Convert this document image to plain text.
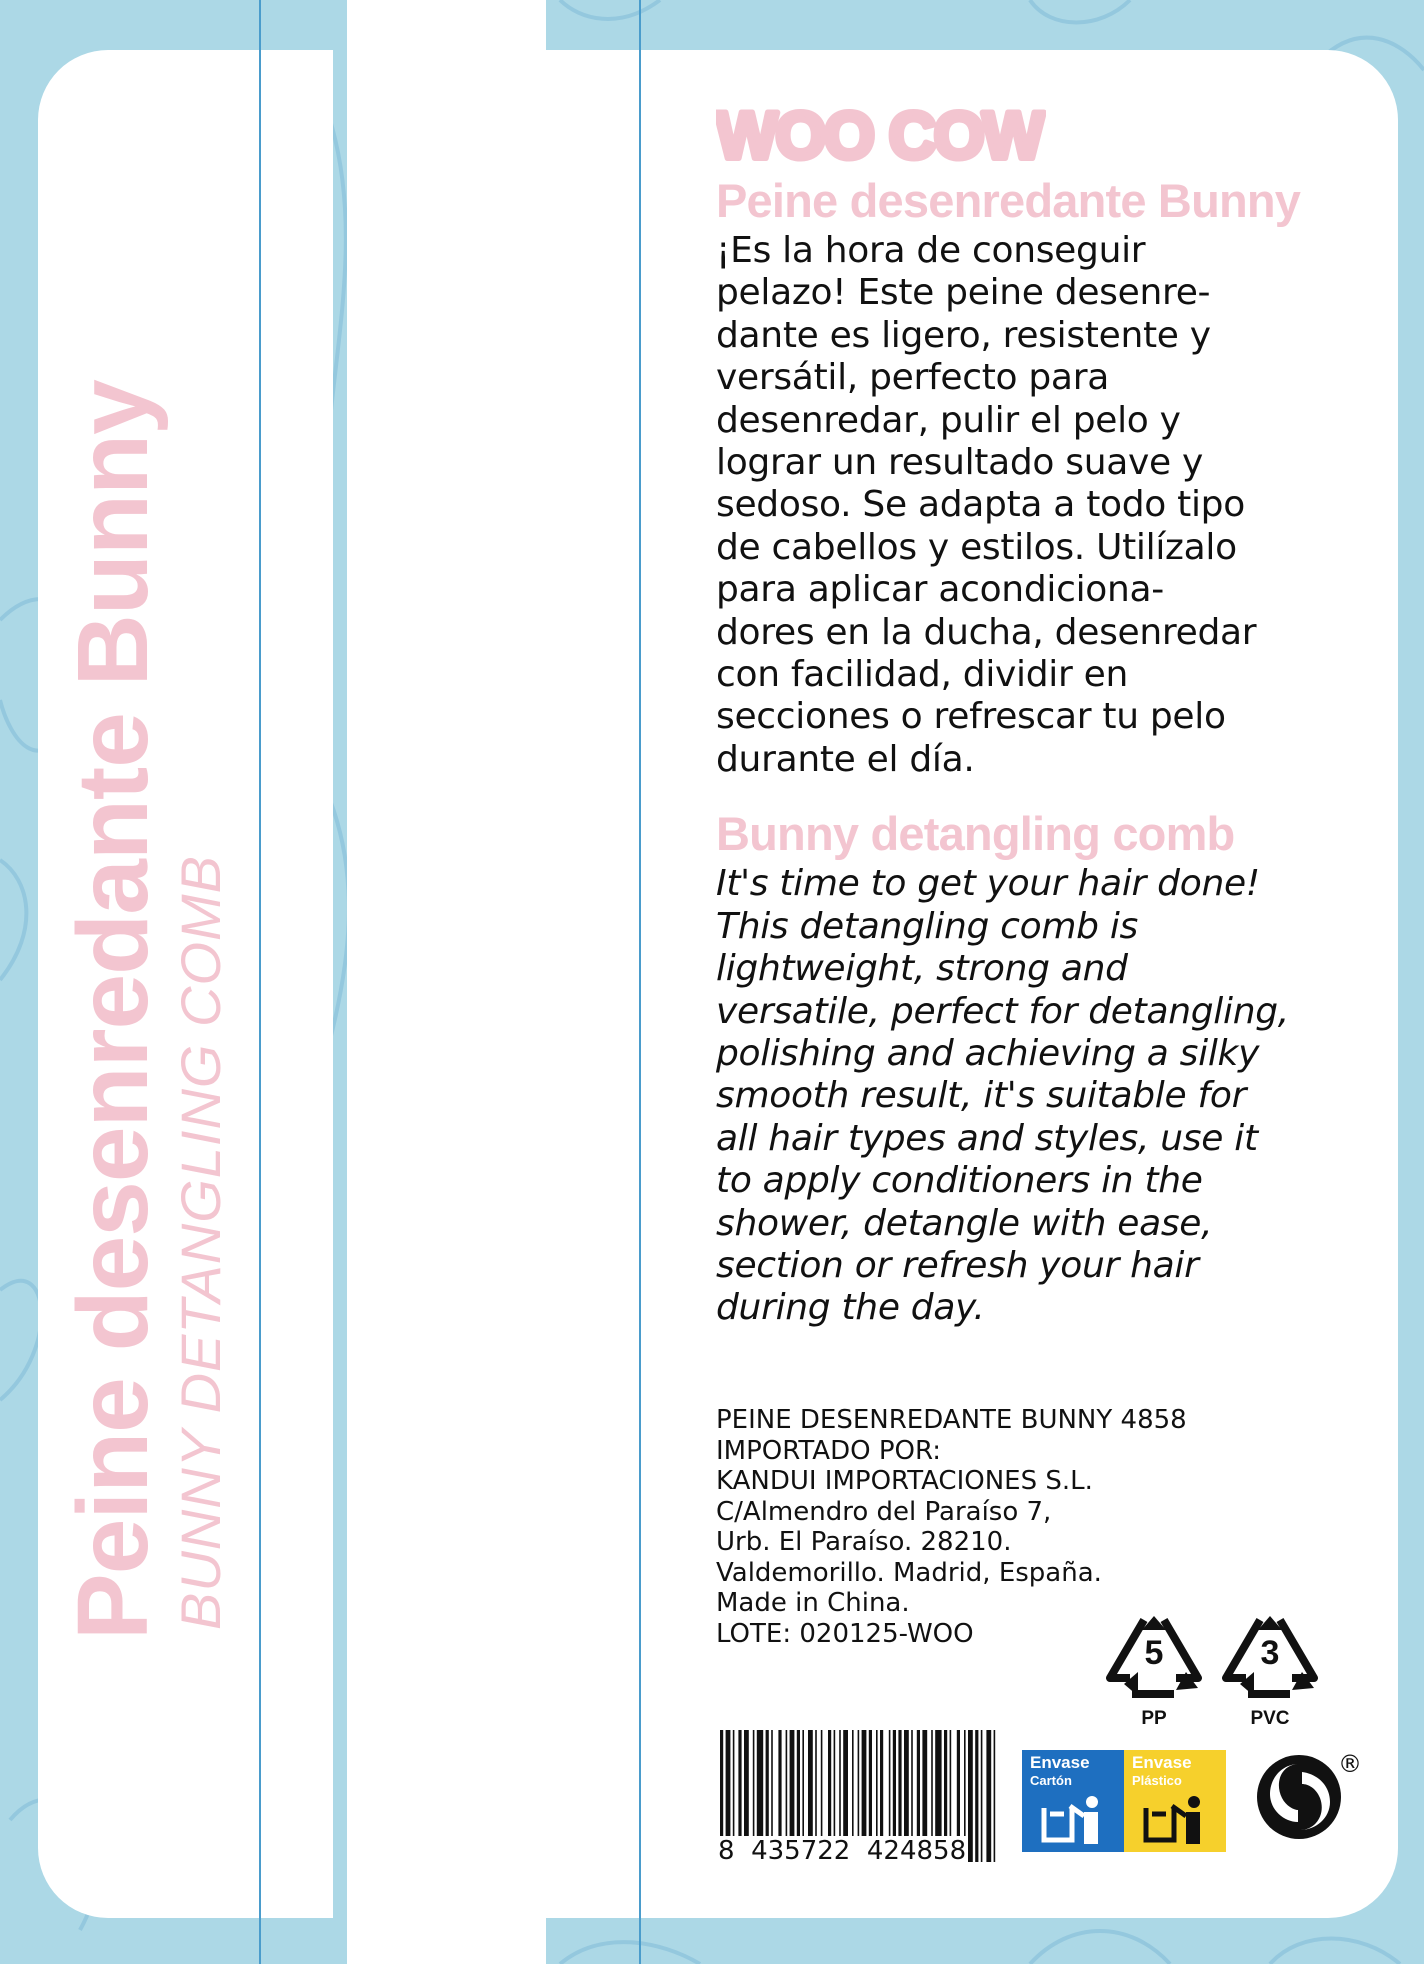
Peine desenredante Bunny BUNNY DETANGLING COMB
WOO COW
Peine desenredante Bunny

¡Es la hora de conseguir
pelazo! Este peine desenre-
dante es ligero, resistente y
versátil, perfecto para
desenredar, pulir el pelo y
lograr un resultado suave y
sedoso. Se adapta a todo tipo
de cabellos y estilos. Utilízalo
para aplicar acondiciona-
dores en la ducha, desenredar
con facilidad, dividir en
secciones o refrescar tu pelo
durante el día.

Bunny detangling comb

It's time to get your hair done!
This detangling comb is
lightweight, strong and
versatile, perfect for detangling,
polishing and achieving a silky
smooth result, it's suitable for
all hair types and styles, use it
to apply conditioners in the
shower, detangle with ease,
section or refresh your hair
during the day.

PEINE DESENREDANTE BUNNY 4858
IMPORTADO POR:
KANDUI IMPORTACIONES S.L.
C/Almendro del Paraíso 7,
Urb. El Paraíso. 28210.
Valdemorillo. Madrid, España.
Made in China.
LOTE: 020125-WOO
5
PP
3
PVC
8 435722 424858
Envase
Cartón
Envase
Plástico
®
